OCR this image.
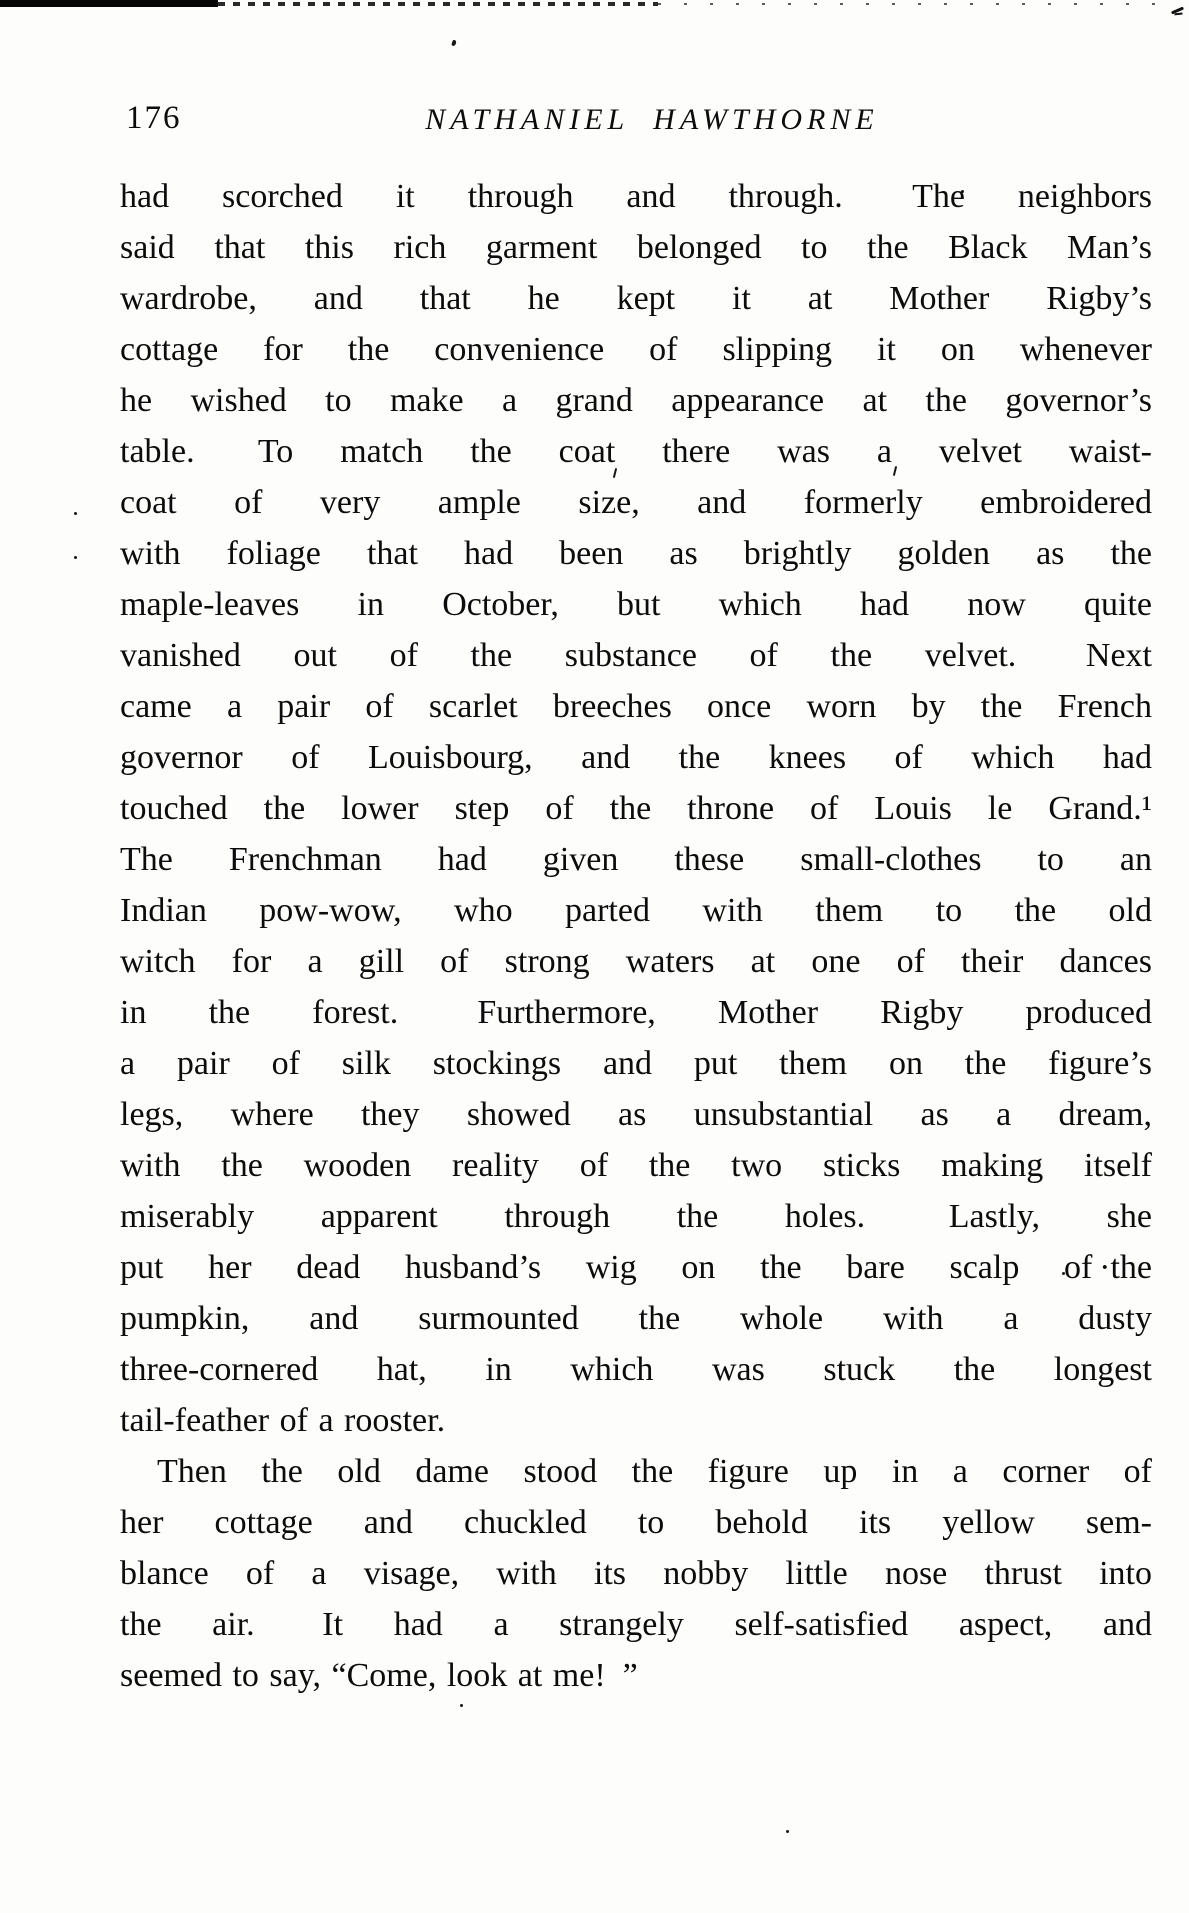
176	NATHANIEL HAWTHORNE
had scorched it through and through.  The neighbors
said that this rich garment belonged to the Black Man’s
wardrobe, and that he kept it at Mother Rigby’s
cottage for the convenience of slipping it on whenever
he wished to make a grand appearance at the governor’s
table.  To match the coat there was a velvet waist-
coat of very ample size, and formerly embroidered
with foliage that had been as brightly golden as the
maple-leaves in October, but which had now quite
vanished out of the substance of the velvet.  Next
came a pair of scarlet breeches once worn by the French
governor of Louisbourg, and the knees of which had
touched the lower step of the throne of Louis le Grand.¹
The Frenchman had given these small-clothes to an
Indian pow-wow, who parted with them to the old
witch for a gill of strong waters at one of their dances
in the forest.  Furthermore, Mother Rigby produced
a pair of silk stockings and put them on the figure’s
legs, where they showed as unsubstantial as a dream,
with the wooden reality of the two sticks making itself
miserably apparent through the holes.  Lastly, she
put her dead husband’s wig on the bare scalp of ·the
pumpkin, and surmounted the whole with a dusty
three-cornered hat, in which was stuck the longest
tail-feather of a rooster.
Then the old dame stood the figure up in a corner of
her cottage and chuckled to behold its yellow sem-
blance of a visage, with its nobby little nose thrust into
the air.  It had a strangely self-satisfied aspect, and
seemed to say, “Come, look at me! ”
